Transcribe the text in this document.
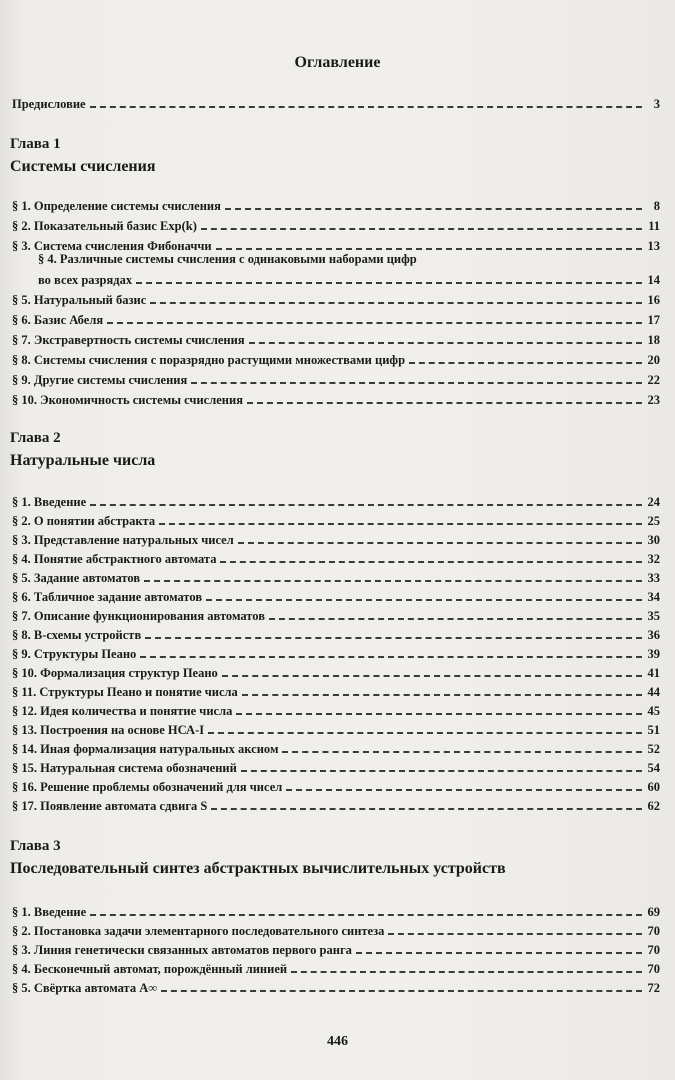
Оглавление
Предисловие	3
Глава 1
Системы счисления
§ 1. Определение системы счисления	8
§ 2. Показательный базис Exp(k)	11
§ 3. Система счисления Фибоначчи	13
§ 4. Различные системы счисления с одинаковыми наборами цифр
во всех разрядах	14
§ 5. Натуральный базис	16
§ 6. Базис Абеля	17
§ 7. Экстравертность системы счисления	18
§ 8. Системы счисления с поразрядно растущими множествами цифр	20
§ 9. Другие системы счисления	22
§ 10. Экономичность системы счисления	23
Глава 2
Натуральные числа
§ 1. Введение	24
§ 2. О понятии абстракта	25
§ 3. Представление натуральных чисел	30
§ 4. Понятие абстрактного автомата	32
§ 5. Задание автоматов	33
§ 6. Табличное задание автоматов	34
§ 7. Описание функционирования автоматов	35
§ 8. В-схемы устройств	36
§ 9. Структуры Пеано	39
§ 10. Формализация структур Пеано	41
§ 11. Структуры Пеано и понятие числа	44
§ 12. Идея количества и понятие числа	45
§ 13. Построения на основе НСА-I	51
§ 14. Иная формализация натуральных аксиом	52
§ 15. Натуральная система обозначений	54
§ 16. Решение проблемы обозначений для чисел	60
§ 17. Появление автомата сдвига S	62
Глава 3
Последовательный синтез абстрактных вычислительных устройств
§ 1. Введение	69
§ 2. Постановка задачи элементарного последовательного синтеза	70
§ 3. Линия генетически связанных автоматов первого ранга	70
§ 4. Бесконечный автомат, порождённый линией	70
§ 5. Свёртка автомата A∞	72
446
